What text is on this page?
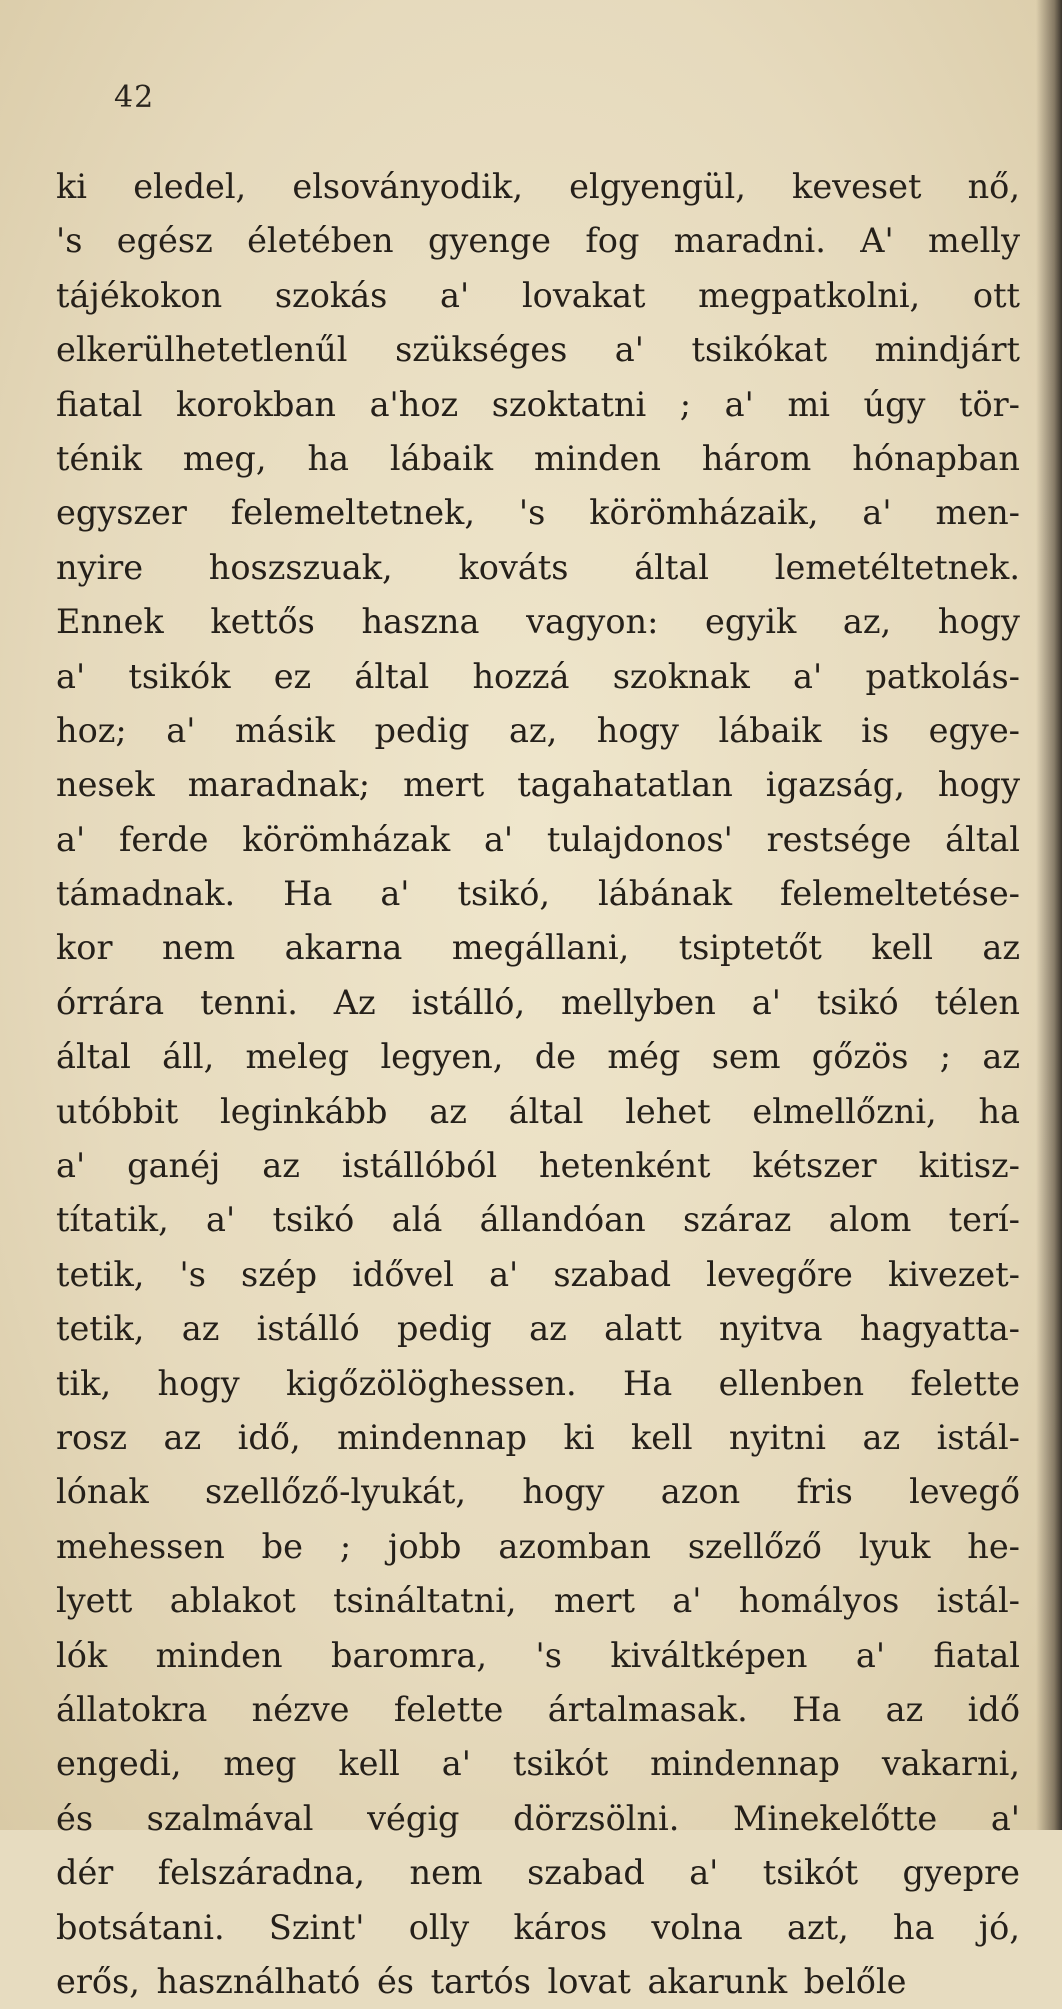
42
ki eledel, elsoványodik, elgyengül, keveset nő,
's egész életében gyenge fog maradni. A' melly
tájékokon szokás a' lovakat megpatkolni, ott
elkerülhetetlenűl szükséges a' tsikókat mindjárt
fiatal korokban a'hoz szoktatni ; a' mi úgy tör-
ténik meg, ha lábaik minden három hónapban
egyszer felemeltetnek, 's körömházaik, a' men-
nyire hoszszuak, kováts által lemetéltetnek.
Ennek kettős haszna vagyon: egyik az, hogy
a' tsikók ez által hozzá szoknak a' patkolás-
hoz; a' másik pedig az, hogy lábaik is egye-
nesek maradnak; mert tagahatatlan igazság, hogy
a' ferde körömházak a' tulajdonos' restsége által
támadnak. Ha a' tsikó, lábának felemeltetése-
kor nem akarna megállani, tsiptetőt kell az
órrára tenni. Az istálló, mellyben a' tsikó télen
által áll, meleg legyen, de még sem gőzös ; az
utóbbit leginkább az által lehet elmellőzni, ha
a' ganéj az istállóból hetenként kétszer kitisz-
títatik, a' tsikó alá állandóan száraz alom terí-
tetik, 's szép idővel a' szabad levegőre kivezet-
tetik, az istálló pedig az alatt nyitva hagyatta-
tik, hogy kigőzölöghessen. Ha ellenben felette
rosz az idő, mindennap ki kell nyitni az istál-
lónak szellőző-lyukát, hogy azon fris levegő
mehessen be ; jobb azomban szellőző lyuk he-
lyett ablakot tsináltatni, mert a' homályos istál-
lók minden baromra, 's kiváltképen a' fiatal
állatokra nézve felette ártalmasak. Ha az idő
engedi, meg kell a' tsikót mindennap vakarni,
és szalmával végig dörzsölni. Minekelőtte a'
dér felszáradna, nem szabad a' tsikót gyepre
botsátani. Szint' olly káros volna azt, ha jó,
erős, használható és tartós lovat akarunk belőle
